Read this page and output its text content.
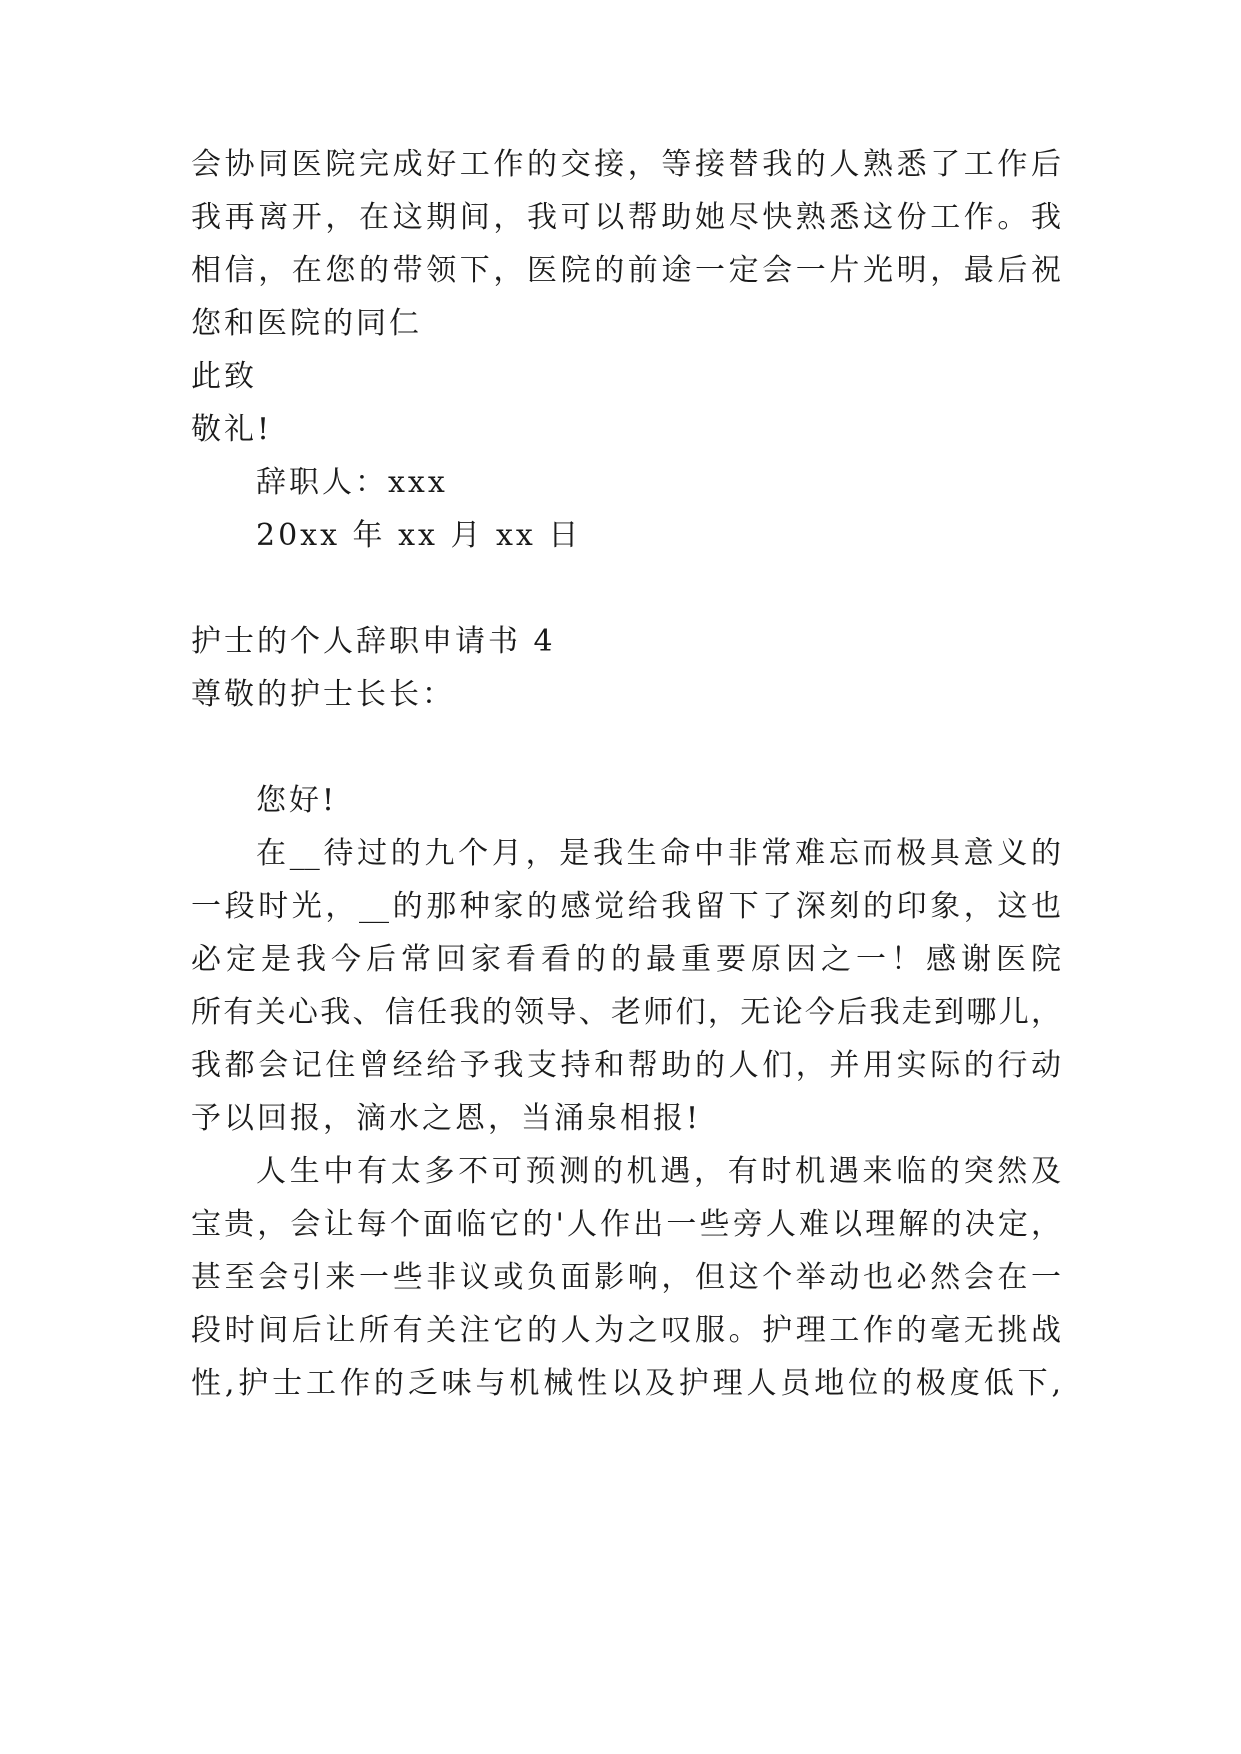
会协同医院完成好工作的交接，等接替我的人熟悉了工作后
我再离开，在这期间，我可以帮助她尽快熟悉这份工作。我
相信，在您的带领下，医院的前途一定会一片光明，最后祝
您和医院的同仁
此致
敬礼!
辞职人：xxx
20xx 年 xx 月 xx 日
护士的个人辞职申请书 4
尊敬的护士长长：
您好!
在__待过的九个月，是我生命中非常难忘而极具意义的
一段时光，__的那种家的感觉给我留下了深刻的印象，这也
必定是我今后常回家看看的的最重要原因之一！感谢医院
所有关心我、信任我的领导、老师们，无论今后我走到哪儿，
我都会记住曾经给予我支持和帮助的人们，并用实际的行动
予以回报，滴水之恩，当涌泉相报!
人生中有太多不可预测的机遇，有时机遇来临的突然及
宝贵，会让每个面临它的'人作出一些旁人难以理解的决定，
甚至会引来一些非议或负面影响，但这个举动也必然会在一
段时间后让所有关注它的人为之叹服。护理工作的毫无挑战
性,护士工作的乏味与机械性以及护理人员地位的极度低下,
